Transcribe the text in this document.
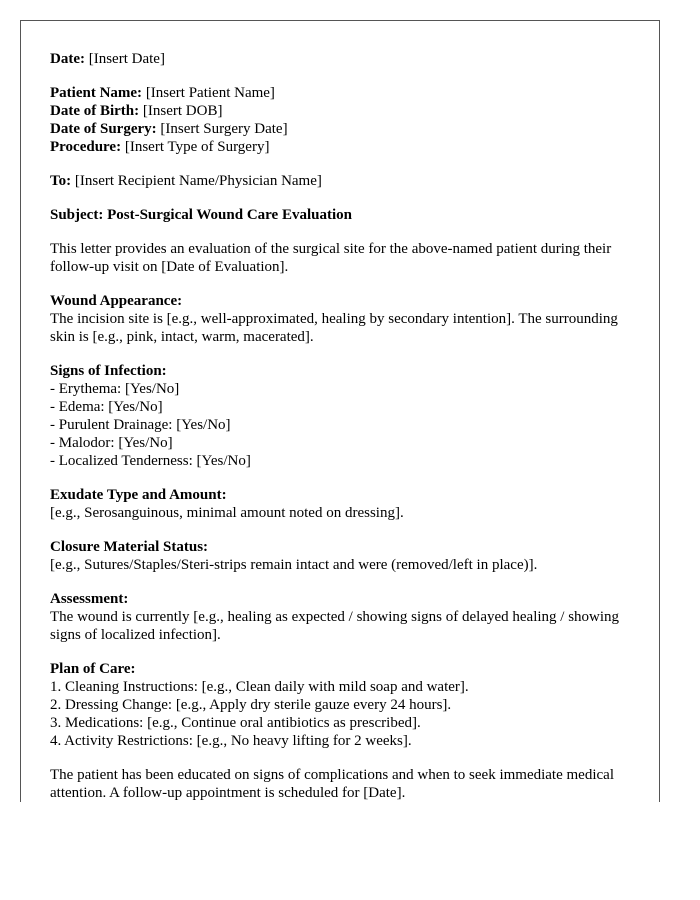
Date: [Insert Date]
Patient Name: [Insert Patient Name]
Date of Birth: [Insert DOB]
Date of Surgery: [Insert Surgery Date]
Procedure: [Insert Type of Surgery]
To: [Insert Recipient Name/Physician Name]
Subject: Post-Surgical Wound Care Evaluation
This letter provides an evaluation of the surgical site for the above-named patient during their follow-up visit on [Date of Evaluation].
Wound Appearance:
The incision site is [e.g., well-approximated, healing by secondary intention]. The surrounding skin is [e.g., pink, intact, warm, macerated].
Signs of Infection:
- Erythema: [Yes/No]
- Edema: [Yes/No]
- Purulent Drainage: [Yes/No]
- Malodor: [Yes/No]
- Localized Tenderness: [Yes/No]
Exudate Type and Amount:
[e.g., Serosanguinous, minimal amount noted on dressing].
Closure Material Status:
[e.g., Sutures/Staples/Steri-strips remain intact and were (removed/left in place)].
Assessment:
The wound is currently [e.g., healing as expected / showing signs of delayed healing / showing signs of localized infection].
Plan of Care:
1. Cleaning Instructions: [e.g., Clean daily with mild soap and water].
2. Dressing Change: [e.g., Apply dry sterile gauze every 24 hours].
3. Medications: [e.g., Continue oral antibiotics as prescribed].
4. Activity Restrictions: [e.g., No heavy lifting for 2 weeks].
The patient has been educated on signs of complications and when to seek immediate medical attention. A follow-up appointment is scheduled for [Date].
